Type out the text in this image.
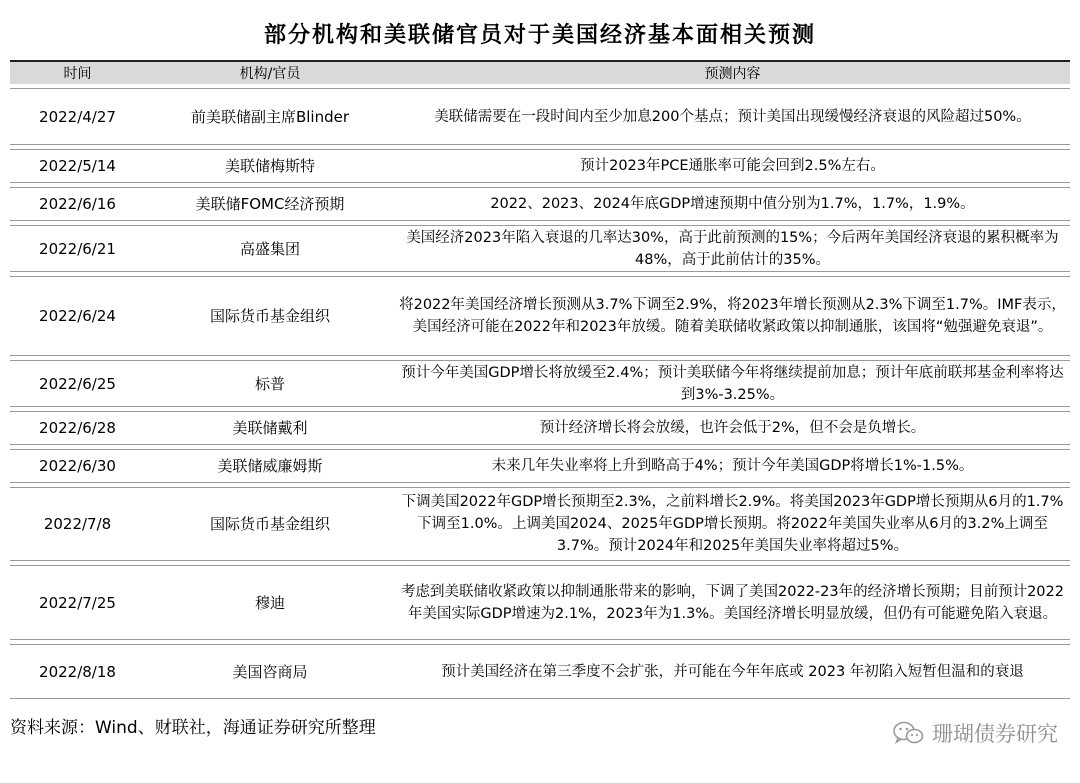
部分机构和美联储官员对于美国经济基本面相关预测
时间	机构/官员	预测内容

2022/4/27	前美联储副主席Blinder	美联储需要在一段时间内至少加息200个基点；预计美国出现缓慢经济衰退的风险超过50%。

2022/5/14	美联储梅斯特	预计2023年PCE通胀率可能会回到2.5%左右。

2022/6/16	美联储FOMC经济预期	2022、2023、2024年底GDP增速预期中值分别为1.7%，1.7%，1.9%。

2022/6/21	高盛集团	美国经济2023年陷入衰退的几率达30%，高于此前预测的15%；今后两年美国经济衰退的累积概率为48%，高于此前估计的35%。

2022/6/24	国际货币基金组织	将2022年美国经济增长预测从3.7%下调至2.9%，将2023年增长预测从2.3%下调至1.7%。IMF表示，美国经济可能在2022年和2023年放缓。随着美联储收紧政策以抑制通胀，该国将“勉强避免衰退”。

2022/6/25	标普	预计今年美国GDP增长将放缓至2.4%；预计美联储今年将继续提前加息；预计年底前联邦基金利率将达到3%-3.25%。

2022/6/28	美联储戴利	预计经济增长将会放缓，也许会低于2%，但不会是负增长。

2022/6/30	美联储威廉姆斯	未来几年失业率将上升到略高于4%；预计今年美国GDP将增长1%-1.5%。

2022/7/8	国际货币基金组织	下调美国2022年GDP增长预期至2.3%，之前料增长2.9%。将美国2023年GDP增长预期从6月的1.7%下调至1.0%。上调美国2024、2025年GDP增长预期。将2022年美国失业率从6月的3.2%上调至3.7%。预计2024年和2025年美国失业率将超过5%。

2022/7/25	穆迪	考虑到美联储收紧政策以抑制通胀带来的影响，下调了美国2022-23年的经济增长预期；目前预计2022年美国实际GDP增速为2.1%，2023年为1.3%。美国经济增长明显放缓，但仍有可能避免陷入衰退。

2022/8/18	美国咨商局	预计美国经济在第三季度不会扩张，并可能在今年年底或 2023 年初陷入短暂但温和的衰退
资料来源：Wind、财联社，海通证券研究所整理	珊瑚债券研究
